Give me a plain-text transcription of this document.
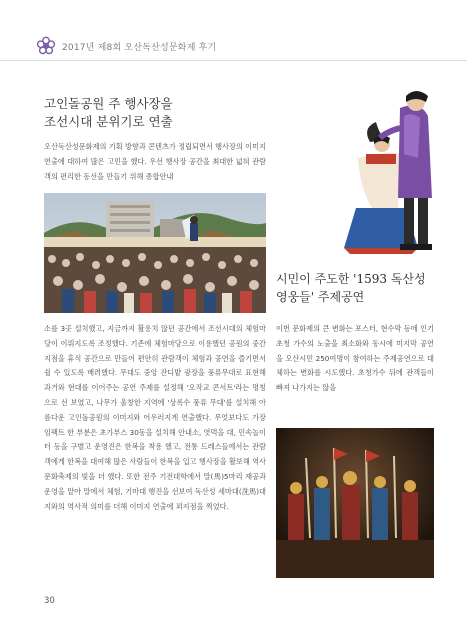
2017년 제8회 오산독산성문화제 후기
고인돌공원 주 행사장을
조선시대 분위기로 연출
오산독산성문화제의 기획 방향과 콘텐츠가 정립되면서 행사장의 이미지 연출에 대하여 많은 고민을 했다. 우선 행사장 공간을 최대한 넓혀 관람객의 편리한 동선을 만들기 위해 종합안내
소를 3곳 설치했고, 지금까지 활용치 않던 공간에서 조선시대의 체험마당이 이뤄지도록 조정했다. 기존에 체험마당으로 이용했던 공원의 중간 지점을 휴식 공간으로 만들어 편안히 관람객이 체험과 공연을 즐기면서 쉴 수 있도록 배려했다. 무대도 중앙 잔디밭 광장을 풍류무대로 표현해 과거와 현대를 이어주는 공연 주제를 설정해 '오작교 콘서트'라는 명칭으로 선 보였고, 나무가 울창한 지역에 '상록수 풍류 무대'를 설치해 아름다운 고인돌공원의 이미지와 어우러지게 연출했다. 무엇보다도 가장 임팩트 한 부분은 초가부스 30동을 설치해 안내소, 엿먹을 대, 민속놀이터 등을 구별고 운영진은 한복을 착용 했고, 전통 드레스들에서는 관람객에게 한복을 대여해 많은 사람들이 한복을 입고 행사장을 활보해 역사문화축제의 빛을 더 했다. 또한 전주 기전대학에서 말(馬)5마리 재공과 운영을 맡아 말에서 체험, 기마대 행진을 선보여 독산성 세마대(洗馬)대지와의 역사적 의미를 더해 이미지 연출에 꾀지점을 찍었다.
시민이 주도한 '1593 독산성
영웅들' 주제공연
이번 문화제의 큰 변화는 포스터, 현수막 등에 인기 초청 가수의 노출을 최소화와 동시에 미지막 공연을 오산시민 250여명이 참여하는 주제공연으로 대체하는 변화를 시도했다. 초청가수 뒤에 관객들이 빠져 나가지는 않을
30
